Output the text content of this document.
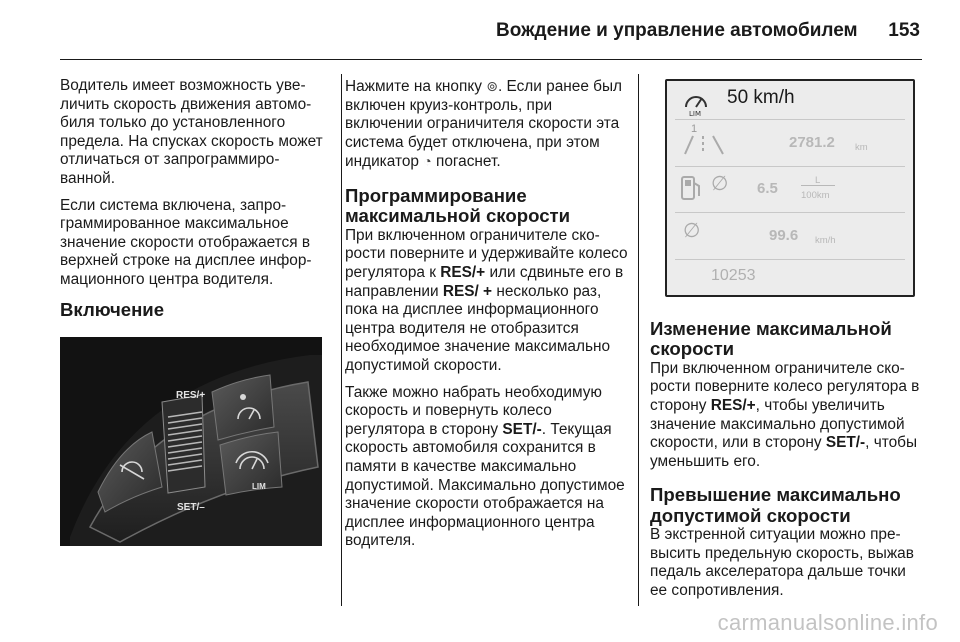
Вождение и управление автомобилем 153

Водитель имеет возможность увеличить скорость движения автомобиля только до установленного предела. На спусках скорость может отличаться от запрограммированной.

Если система включена, запрограммированное максимальное значение скорости отображается в верхней строке на дисплее информационного центра водителя.

Включение
RES/+
SET/–
LIM

Нажмите на кнопку ⊚. Если ранее был включен круиз-контроль, при включении ограничителя скорости эта система будет отключена, при этом индикатор ◔ погаснет.

Программирование максимальной скорости

При включенном ограничителе скорости поверните и удерживайте колесо регулятора к RES/+ или сдвиньте его в направлении RES/ + несколько раз, пока на дисплее информационного центра водителя не отобразится необходимое значение максимально допустимой скорости.

Также можно набрать необходимую скорость и повернуть колесо регулятора в сторону SET/-. Текущая скорость автомобиля сохранится в памяти в качестве максимально допустимой. Максимально допустимое значение скорости отображается на дисплее информационного центра водителя.

LIM
50 km/h
1
2781.2 km
∅ 6.5	L
100km
∅	99.6 km/h
10253
Изменение максимальной скорости

При включенном ограничителе скорости поверните колесо регулятора в сторону RES/+, чтобы увеличить значение максимально допустимой скорости, или в сторону SET/-, чтобы уменьшить его.

Превышение максимально допустимой скорости

В экстренной ситуации можно превысить предельную скорость, выжав педаль акселератора дальше точки ее сопротивления.

carmanualsonline.info
